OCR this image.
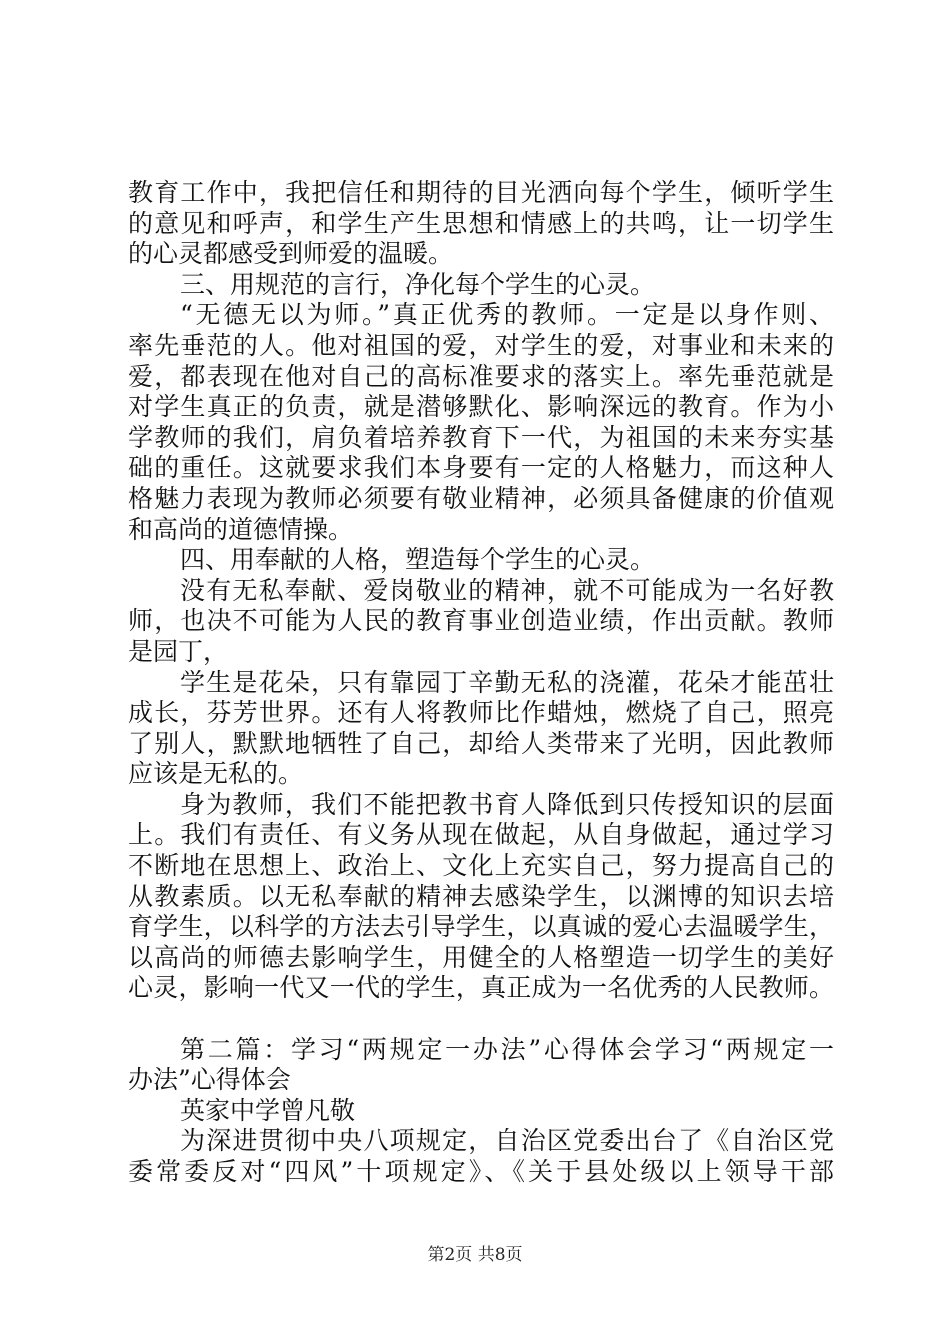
教育工作中，我把信任和期待的目光洒向每个学生，倾听学生
的意见和呼声，和学生产生思想和情感上的共鸣，让一切学生
的心灵都感受到师爱的温暖。
三、用规范的言行，净化每个学生的心灵。
“无德无以为师。”真正优秀的教师。一定是以身作则、
率先垂范的人。他对祖国的爱，对学生的爱，对事业和未来的
爱，都表现在他对自己的高标准要求的落实上。率先垂范就是
对学生真正的负责，就是潜够默化、影响深远的教育。作为小
学教师的我们，肩负着培养教育下一代，为祖国的未来夯实基
础的重任。这就要求我们本身要有一定的人格魅力，而这种人
格魅力表现为教师必须要有敬业精神，必须具备健康的价值观
和高尚的道德情操。
四、用奉献的人格，塑造每个学生的心灵。
没有无私奉献、爱岗敬业的精神，就不可能成为一名好教
师，也决不可能为人民的教育事业创造业绩，作出贡献。教师
是园丁，
学生是花朵，只有靠园丁辛勤无私的浇灌，花朵才能茁壮
成长，芬芳世界。还有人将教师比作蜡烛，燃烧了自己，照亮
了别人，默默地牺牲了自己，却给人类带来了光明，因此教师
应该是无私的。
身为教师，我们不能把教书育人降低到只传授知识的层面
上。我们有责任、有义务从现在做起，从自身做起，通过学习
不断地在思想上、政治上、文化上充实自己，努力提高自己的
从教素质。以无私奉献的精神去感染学生，以渊博的知识去培
育学生，以科学的方法去引导学生，以真诚的爱心去温暖学生，
以高尚的师德去影响学生，用健全的人格塑造一切学生的美好
心灵，影响一代又一代的学生，真正成为一名优秀的人民教师。
第二篇：学习“两规定一办法”心得体会学习“两规定一
办法”心得体会
英家中学曾凡敬
为深进贯彻中央八项规定，自治区党委出台了《自治区党
委常委反对“四风”十项规定》、《关于县处级以上领导干部
第2页 共8页
